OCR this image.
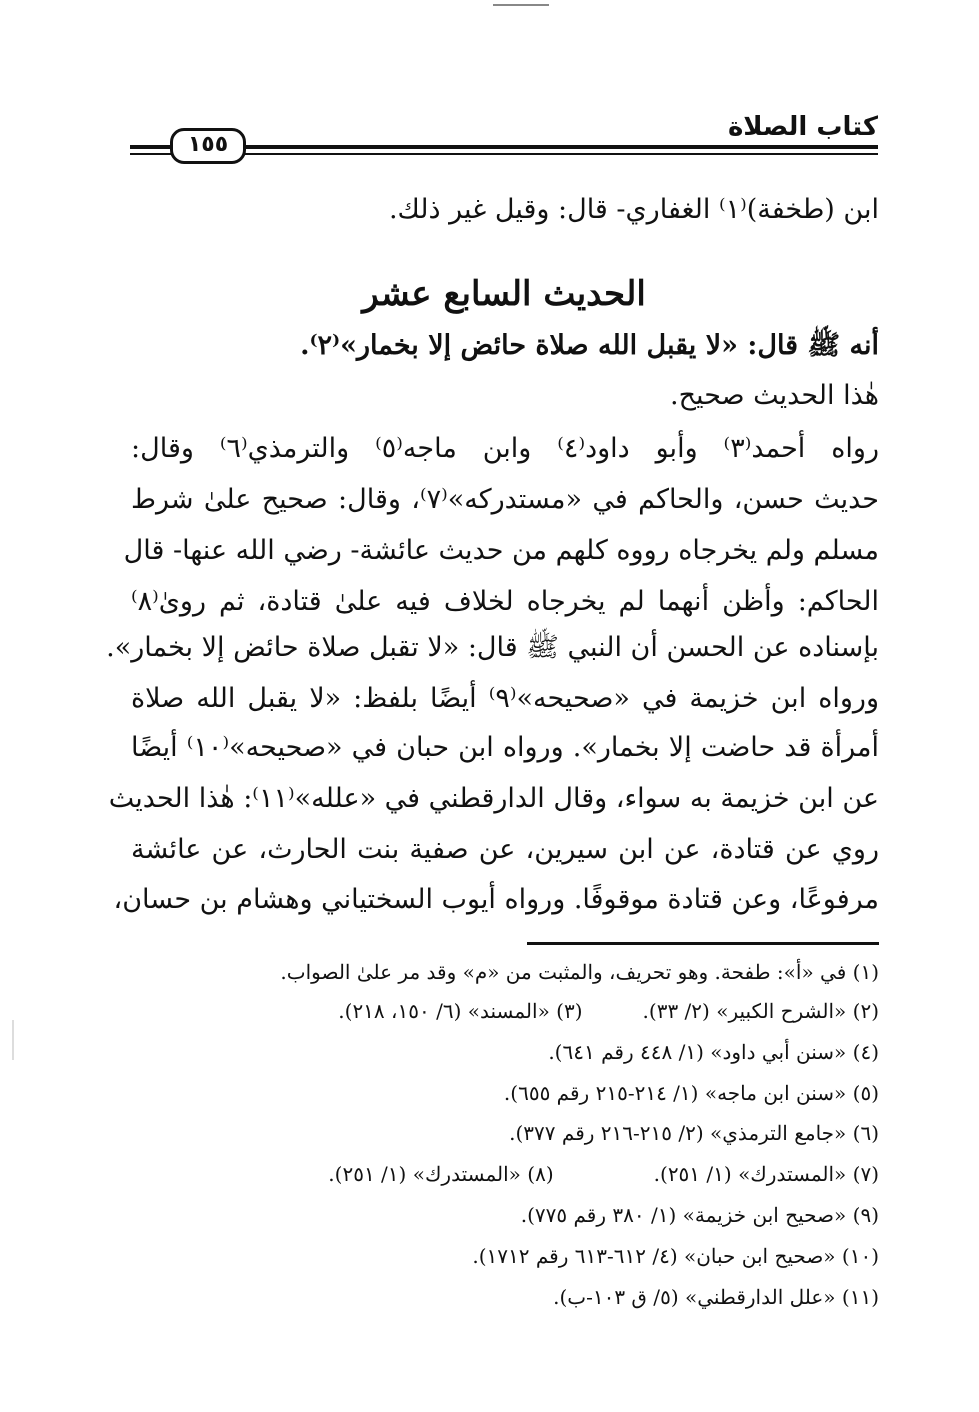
كتاب الصلاة
١٥٥
ابن (طخفة)⁽١⁾ الغفاري- قال: وقيل غير ذلك.
الحديث السابع عشر
أنه ﷺ قال: «لا يقبل الله صلاة حائض إلا بخمار»⁽٢⁾.
هٰذا الحديث صحيح.
رواه أحمد⁽٣⁾ وأبو داود⁽٤⁾ وابن ماجه⁽٥⁾ والترمذي⁽٦⁾ وقال:
حديث حسن، والحاكم في «مستدركه»⁽٧⁾، وقال: صحيح علىٰ شرط
مسلم ولم يخرجاه رووه كلهم من حديث عائشة- رضي الله عنها- قال
الحاكم: وأظن أنهما لم يخرجاه لخلاف فيه علىٰ قتادة، ثم روىٰ⁽٨⁾
بإسناده عن الحسن أن النبي ﷺ قال: «لا تقبل صلاة حائض إلا بخمار».
ورواه ابن خزيمة في «صحيحه»⁽٩⁾ أيضًا بلفظ: «لا يقبل الله صلاة
أمرأة قد حاضت إلا بخمار». ورواه ابن حبان في «صحيحه»⁽١٠⁾ أيضًا
عن ابن خزيمة به سواء، وقال الدارقطني في «علله»⁽١١⁾: هٰذا الحديث
روي عن قتادة، عن ابن سيرين، عن صفية بنت الحارث، عن عائشة
مرفوعًا، وعن قتادة موقوفًا. ورواه أيوب السختياني وهشام بن حسان،
(١) في «أ»: طفحة. وهو تحريف، والمثبت من «م» وقد مر علىٰ الصواب.
(٢) «الشرح الكبير» (٢/ ٣٣).(٣) «المسند» (٦/ ١٥٠، ٢١٨).
(٤) «سنن أبي داود» (١/ ٤٤٨ رقم ٦٤١).
(٥) «سنن ابن ماجه» (١/ ٢١٤-٢١٥ رقم ٦٥٥).
(٦) «جامع الترمذي» (٢/ ٢١٥-٢١٦ رقم ٣٧٧).
(٧) «المستدرك» (١/ ٢٥١).(٨) «المستدرك» (١/ ٢٥١).
(٩) «صحيح ابن خزيمة» (١/ ٣٨٠ رقم ٧٧٥).
(١٠) «صحيح ابن حبان» (٤/ ٦١٢-٦١٣ رقم ١٧١٢).
(١١) «علل الدارقطني» (٥/ ق ١٠٣-ب).
